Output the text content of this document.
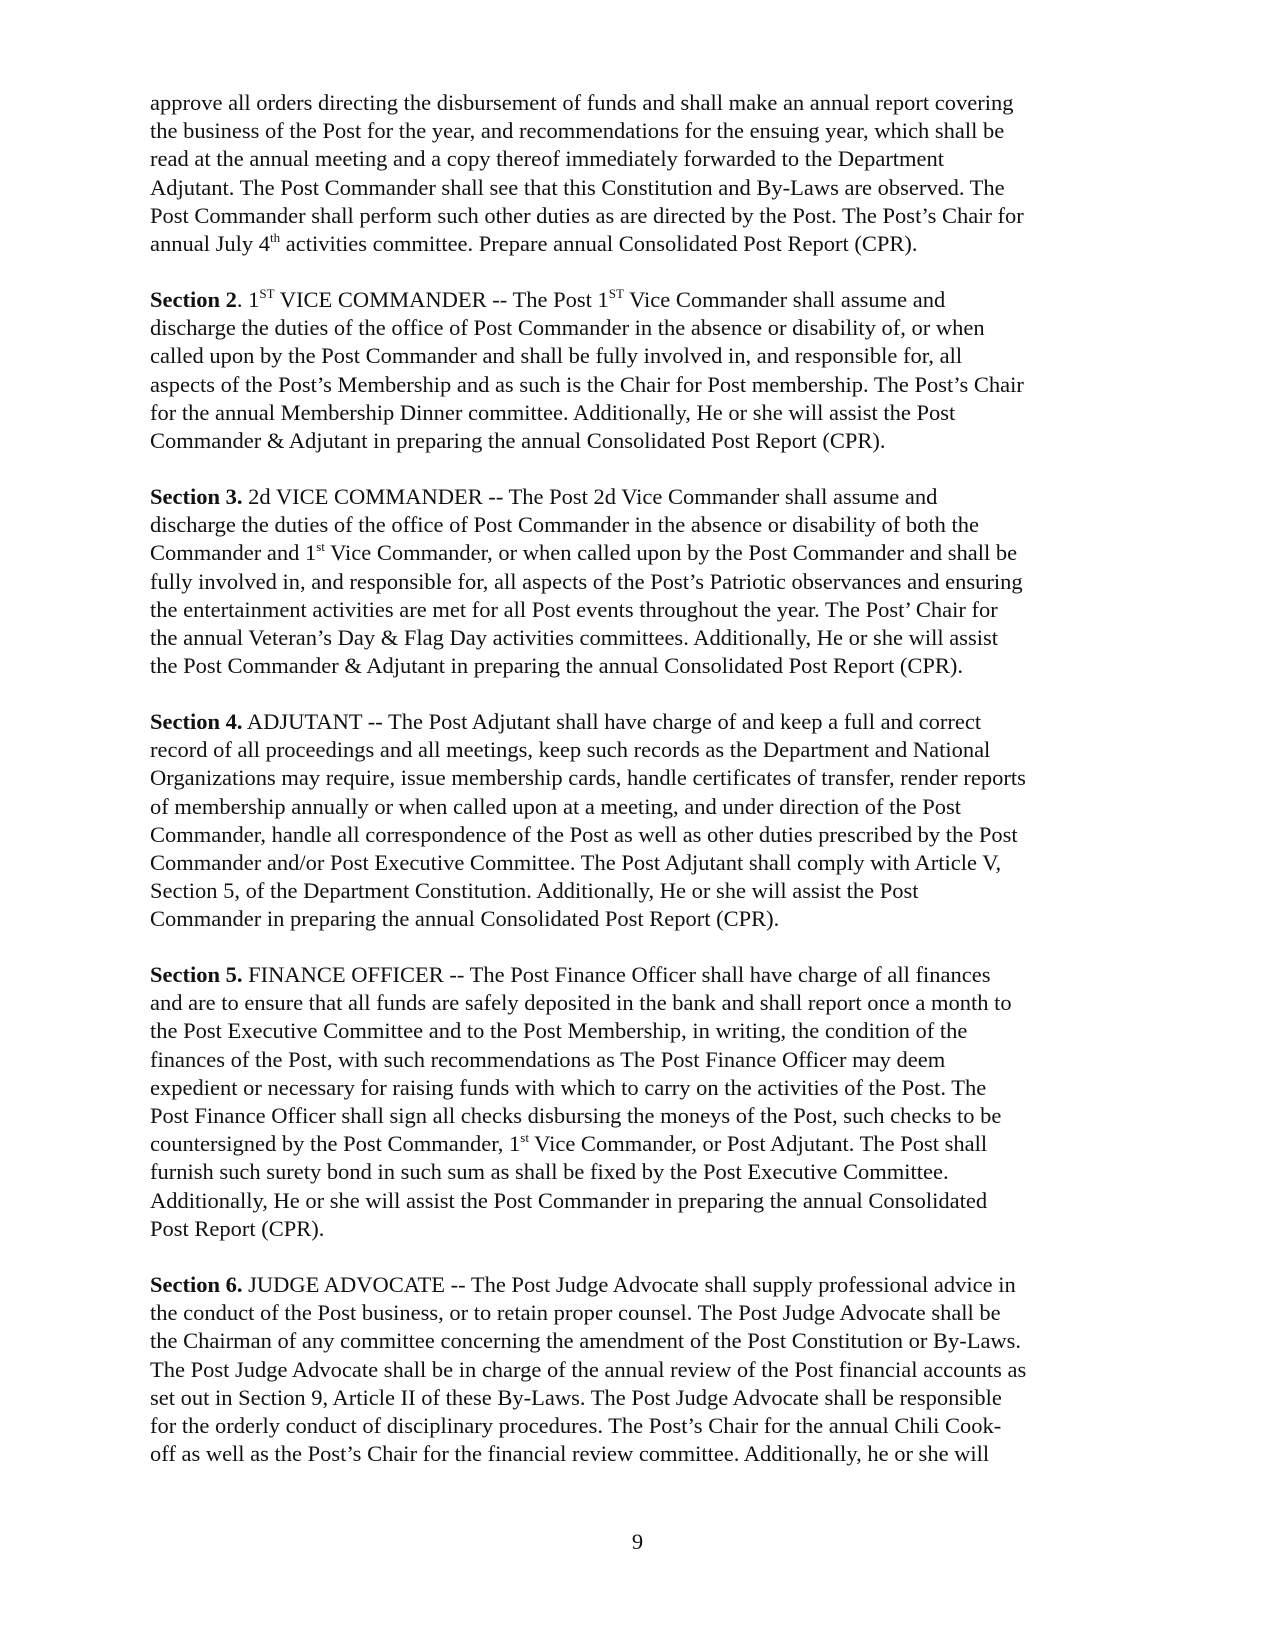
approve all orders directing the disbursement of funds and shall make an annual report covering
the business of the Post for the year, and recommendations for the ensuing year, which shall be
read at the annual meeting and a copy thereof immediately forwarded to the Department
Adjutant. The Post Commander shall see that this Constitution and By-Laws are observed. The
Post Commander shall perform such other duties as are directed by the Post. The Post’s Chair for
annual July 4th activities committee. Prepare annual Consolidated Post Report (CPR).
Section 2. 1ST VICE COMMANDER -- The Post 1ST Vice Commander shall assume and
discharge the duties of the office of Post Commander in the absence or disability of, or when
called upon by the Post Commander and shall be fully involved in, and responsible for, all
aspects of the Post’s Membership and as such is the Chair for Post membership. The Post’s Chair
for the annual Membership Dinner committee. Additionally, He or she will assist the Post
Commander & Adjutant in preparing the annual Consolidated Post Report (CPR).
Section 3. 2d VICE COMMANDER -- The Post 2d Vice Commander shall assume and
discharge the duties of the office of Post Commander in the absence or disability of both the
Commander and 1st Vice Commander, or when called upon by the Post Commander and shall be
fully involved in, and responsible for, all aspects of the Post’s Patriotic observances and ensuring
the entertainment activities are met for all Post events throughout the year. The Post’ Chair for
the annual Veteran’s Day & Flag Day activities committees. Additionally, He or she will assist
the Post Commander & Adjutant in preparing the annual Consolidated Post Report (CPR).
Section 4. ADJUTANT -- The Post Adjutant shall have charge of and keep a full and correct
record of all proceedings and all meetings, keep such records as the Department and National
Organizations may require, issue membership cards, handle certificates of transfer, render reports
of membership annually or when called upon at a meeting, and under direction of the Post
Commander, handle all correspondence of the Post as well as other duties prescribed by the Post
Commander and/or Post Executive Committee. The Post Adjutant shall comply with Article V,
Section 5, of the Department Constitution. Additionally, He or she will assist the Post
Commander in preparing the annual Consolidated Post Report (CPR).
Section 5. FINANCE OFFICER -- The Post Finance Officer shall have charge of all finances
and are to ensure that all funds are safely deposited in the bank and shall report once a month to
the Post Executive Committee and to the Post Membership, in writing, the condition of the
finances of the Post, with such recommendations as The Post Finance Officer may deem
expedient or necessary for raising funds with which to carry on the activities of the Post. The
Post Finance Officer shall sign all checks disbursing the moneys of the Post, such checks to be
countersigned by the Post Commander, 1st Vice Commander, or Post Adjutant. The Post shall
furnish such surety bond in such sum as shall be fixed by the Post Executive Committee.
Additionally, He or she will assist the Post Commander in preparing the annual Consolidated
Post Report (CPR).
Section 6. JUDGE ADVOCATE -- The Post Judge Advocate shall supply professional advice in
the conduct of the Post business, or to retain proper counsel. The Post Judge Advocate shall be
the Chairman of any committee concerning the amendment of the Post Constitution or By-Laws.
The Post Judge Advocate shall be in charge of the annual review of the Post financial accounts as
set out in Section 9, Article II of these By-Laws. The Post Judge Advocate shall be responsible
for the orderly conduct of disciplinary procedures. The Post’s Chair for the annual Chili Cook-
off as well as the Post’s Chair for the financial review committee. Additionally, he or she will
9
